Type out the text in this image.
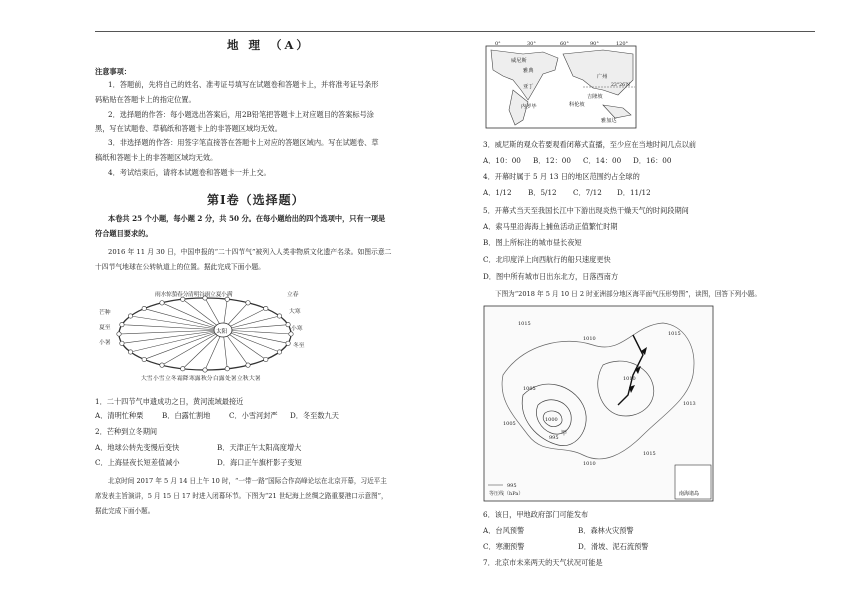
地 理 （A）
注意事项：
1．答题前，先将自己的姓名、准考证号填写在试题卷和答题卡上，并将准考证号条形
码粘贴在答题卡上的指定位置。
2．选择题的作答：每小题选出答案后，用2B铅笔把答题卡上对应题目的答案标号涂
黑，写在试题卷、草稿纸和答题卡上的非答题区域均无效。
3．非选择题的作答：用签字笔直接答在答题卡上对应的答题区域内。写在试题卷、草
稿纸和答题卡上的非答题区域均无效。
4．考试结束后，请将本试题卷和答题卡一并上交。
第Ⅰ卷（选择题）
本卷共 25 个小题，每小题 2 分，共 50 分。在每小题给出的四个选项中，只有一项是
符合题目要求的。
2016 年 11 月 30 日，中国申报的“二十四节气”被列入人类非物质文化遗产名录。如图示意二
十四节气地球在公转轨道上的位置。据此完成下面小题。
太阳
雨水 惊蛰 春分 清明 谷雨 立夏 小满
大雪 小雪 立冬 霜降 寒露 秋分 白露 处暑 立秋 大暑
芒种
夏至
小暑
立春
大寒
小寒
冬至
1．二十四节气申遗成功之日，黄河流域最接近
A．清明忙种栗	B．白露忙割地	C．小雪河封严 D．冬至数九天
2．芒种到立冬期间
A．地球公转先变慢后变快	B．天津正午太阳高度增大
C．上海昼夜长短差值减小	D．海口正午旗杆影子变短
北京时间 2017 年 5 月 14 日上午 10 时，“一带一路”国际合作高峰论坛在北京开幕，习近平主
席发表主旨演讲，5 月 15 日 17 时进入闭幕环节。下图为“21 世纪海上丝绸之路重要港口示意图”，
据此完成下面小题。
0°	30°	60°	90°	120°
威尼斯
雅典
亚丁
内罗毕	科伦坡
广州
吉隆坡
雅加达
23°26′N
3．威尼斯的观众若要观看闭幕式直播，至少应在当地时间几点以前
A．10：00 B．12：00 C．14：00 D．16：00
4．开幕时属于 5 月 13 日的地区范围约占全球的
A．1/12 B．5/12 C．7/12 D．11/12
5．开幕式当天至我国长江中下游出现炎热干燥天气的时间段期间
A．索马里沿海海上捕鱼活动正值繁忙时期
B．图上所标注的城市昼长夜短
C．北印度洋上向西航行的船只速度更快
D．图中所有城市日出东北方，日落西南方
下图为“2018 年 5 月 10 日 2 时亚洲部分地区海平面气压形势图”，读图，回答下列小题。
1015
1010
1015
1010
1005
1000
995
1005
1010
1015
1013
甲
995
等压线（hPa）	南海诸岛
6．该日，甲地政府部门可能发布
A．台风预警	B．森林火灾预警
C．寒潮预警	D．滑坡、泥石流预警
7．北京市未来两天的天气状况可能是
